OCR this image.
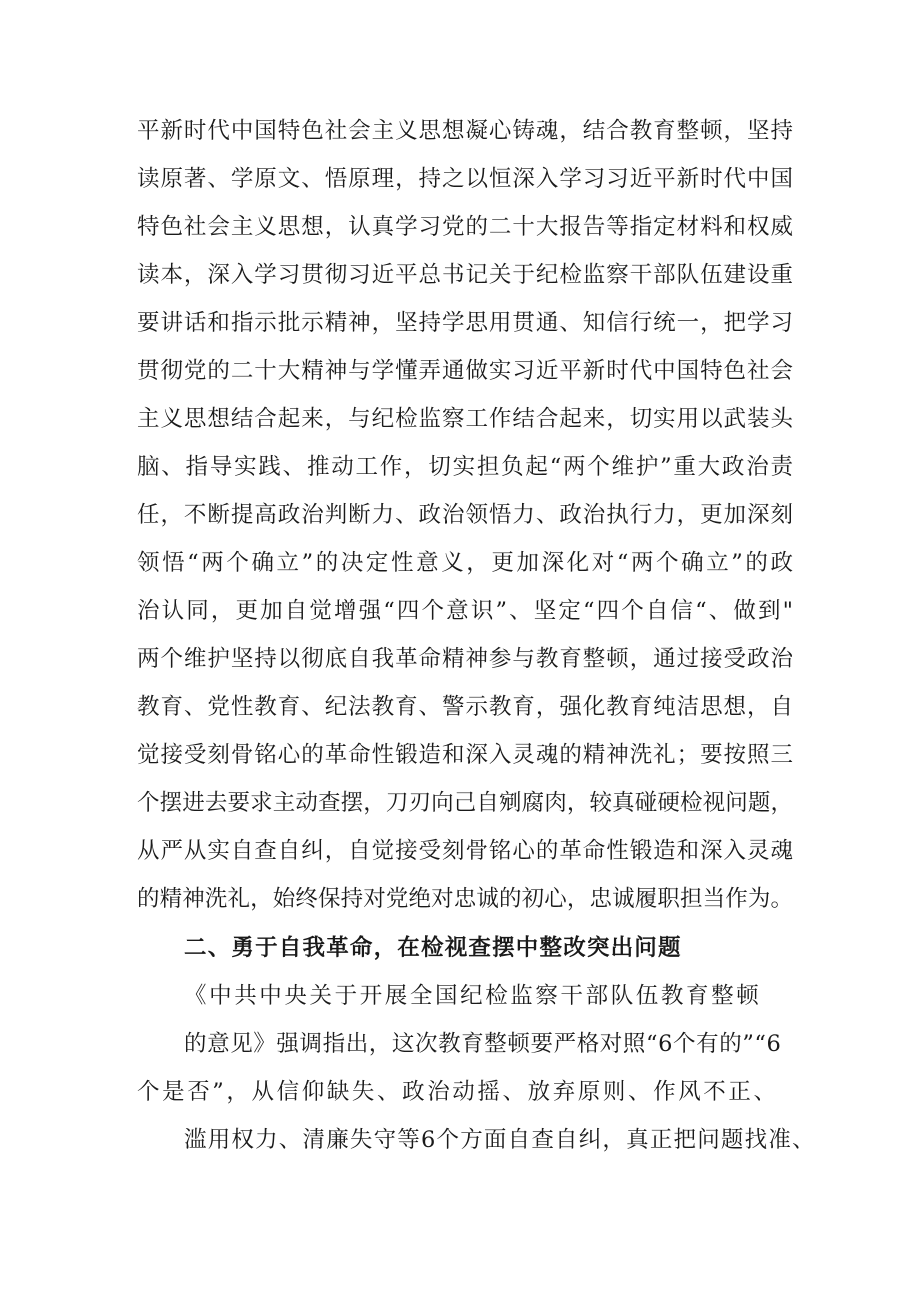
平新时代中国特色社会主义思想凝心铸魂，结合教育整顿，坚持
读原著、学原文、悟原理，持之以恒深入学习习近平新时代中国
特色社会主义思想，认真学习党的二十大报告等指定材料和权威
读本，深入学习贯彻习近平总书记关于纪检监察干部队伍建设重
要讲话和指示批示精神，坚持学思用贯通、知信行统一，把学习
贯彻党的二十大精神与学懂弄通做实习近平新时代中国特色社会
主义思想结合起来，与纪检监察工作结合起来，切实用以武装头
脑、指导实践、推动工作，切实担负起“两个维护”重大政治责
任，不断提高政治判断力、政治领悟力、政治执行力，更加深刻
领悟“两个确立”的决定性意义，更加深化对“两个确立”的政
治认同，更加自觉增强“四个意识”、坚定“四个自信“、做到"
两个维护坚持以彻底自我革命精神参与教育整顿，通过接受政治
教育、党性教育、纪法教育、警示教育，强化教育纯洁思想，自
觉接受刻骨铭心的革命性锻造和深入灵魂的精神洗礼；要按照三
个摆进去要求主动查摆，刀刃向己自剜腐肉，较真碰硬检视问题，
从严从实自查自纠，自觉接受刻骨铭心的革命性锻造和深入灵魂
的精神洗礼，始终保持对党绝对忠诚的初心，忠诚履职担当作为。
二、勇于自我革命，在检视查摆中整改突出问题
《中共中央关于开展全国纪检监察干部队伍教育整顿
的意见》强调指出，这次教育整顿要严格对照“6个有的”“6
个是否”，从信仰缺失、政治动摇、放弃原则、作风不正、
滥用权力、清廉失守等6个方面自查自纠，真正把问题找准、
